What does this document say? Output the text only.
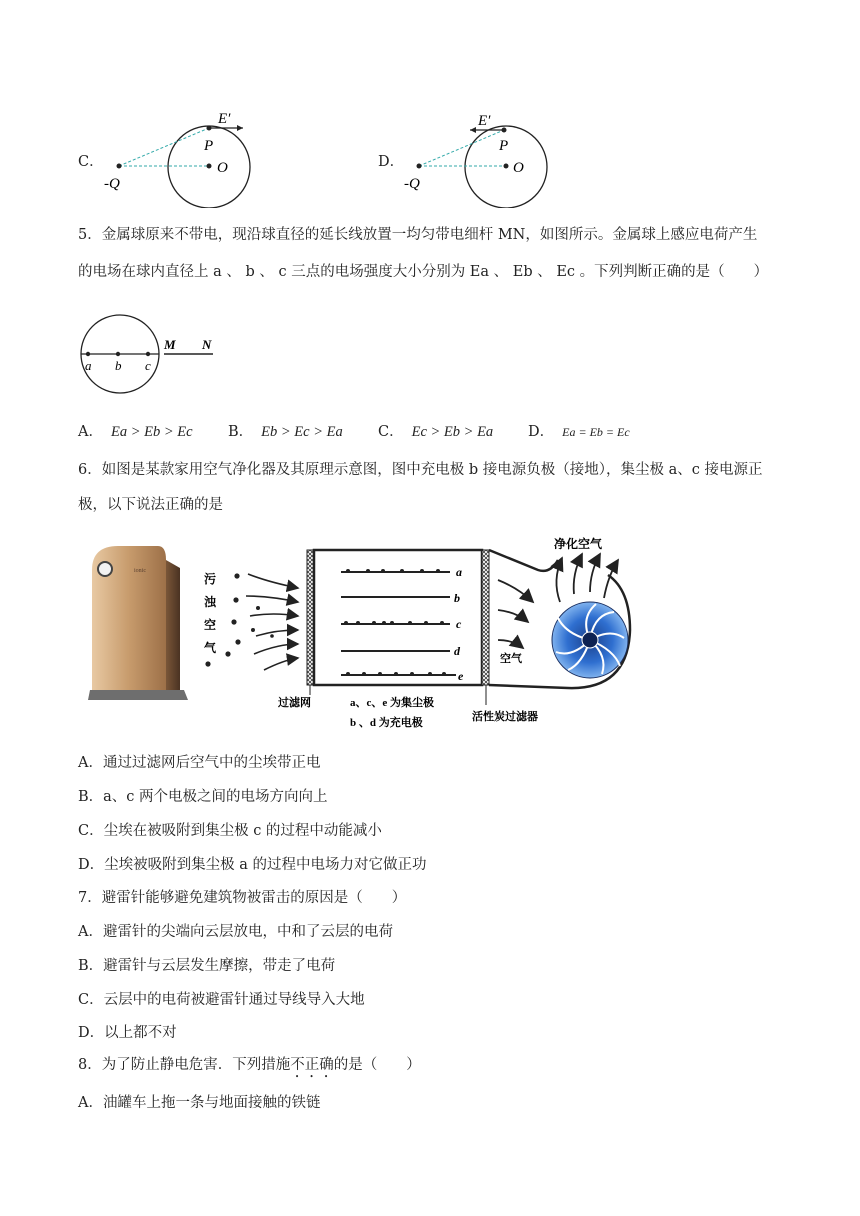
C．
E′
P
O
-Q
D．
E′
P
O
-Q
5．金属球原来不带电，现沿球直径的延长线放置一均匀带电细杆 MN，如图所示。金属球上感应电荷产生
的电场在球内直径上 a 、 b 、 c 三点的电场强度大小分别为 Ea 、 Eb 、 Ec 。下列判断正确的是（　　）
a b c
M N
A． Ea > Eb > Ec B． Eb > Ec > Ea C． Ec > Eb > Ea D． Ea = Eb = Ec
6．如图是某款家用空气净化器及其原理示意图，图中充电极 b 接电源负极（接地），集尘极 a、c 接电源正
极，以下说法正确的是
ionic
污
浊
空
气
a
b
c
d
e
净化空气
空气
过滤网	a、c、e 为集尘极
b 、d 为充电极	活性炭过滤器
A．通过过滤网后空气中的尘埃带正电
B．a、c 两个电极之间的电场方向向上
C．尘埃在被吸附到集尘极 c 的过程中动能减小
D．尘埃被吸附到集尘极 a 的过程中电场力对它做正功
7．避雷针能够避免建筑物被雷击的原因是（　　）
A．避雷针的尖端向云层放电，中和了云层的电荷
B．避雷针与云层发生摩擦，带走了电荷
C．云层中的电荷被避雷针通过导线导入大地
D．以上都不对
8．为了防止静电危害．下列措施不正确的是（　　）
A．油罐车上拖一条与地面接触的铁链
